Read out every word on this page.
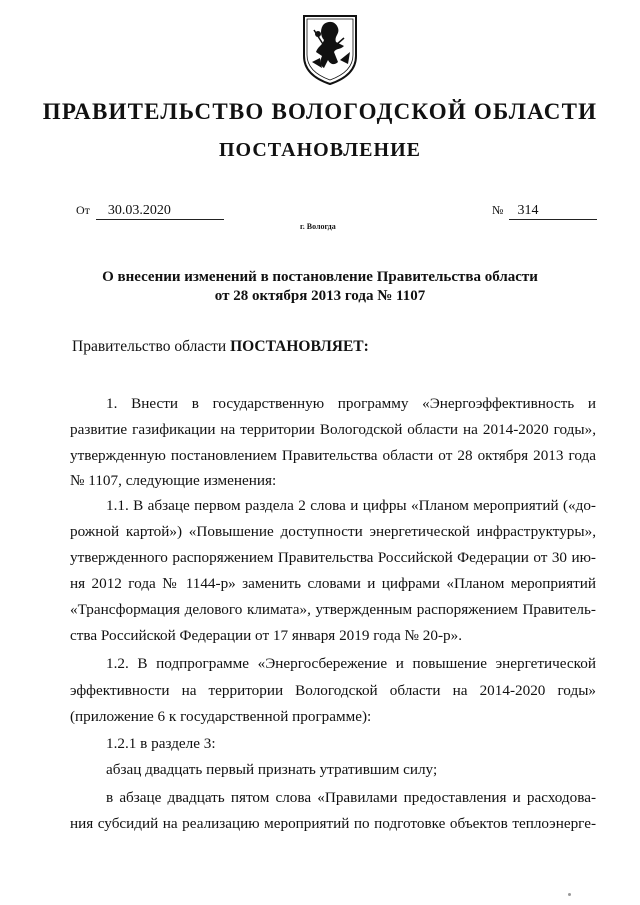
ПРАВИТЕЛЬСТВО ВОЛОГОДСКОЙ ОБЛАСТИ
ПОСТАНОВЛЕНИЕ
От 30.03.2020	№ 314
г. Вологда
О внесении изменений в постановление Правительства области
от 28 октября 2013 года № 1107
Правительство области ПОСТАНОВЛЯЕТ:
1. Внести в государственную программу «Энергоэффективность и
развитие газификации на территории Вологодской области на 2014-2020 годы»,
утвержденную постановлением Правительства области от 28 октября 2013 года
№ 1107, следующие изменения:
1.1. В абзаце первом раздела 2 слова и цифры «Планом мероприятий («до-
рожной картой») «Повышение доступности энергетической инфраструктуры»,
утвержденного распоряжением Правительства Российской Федерации от 30 ию-
ня 2012 года № 1144-р» заменить словами и цифрами «Планом мероприятий
«Трансформация делового климата», утвержденным распоряжением Правитель-
ства Российской Федерации от 17 января 2019 года № 20-р».
1.2. В подпрограмме «Энергосбережение и повышение энергетической
эффективности на территории Вологодской области на 2014-2020 годы»
(приложение 6 к государственной программе):
1.2.1 в разделе 3:
абзац двадцать первый признать утратившим силу;
в абзаце двадцать пятом слова «Правилами предоставления и расходова-
ния субсидий на реализацию мероприятий по подготовке объектов теплоэнерге-
